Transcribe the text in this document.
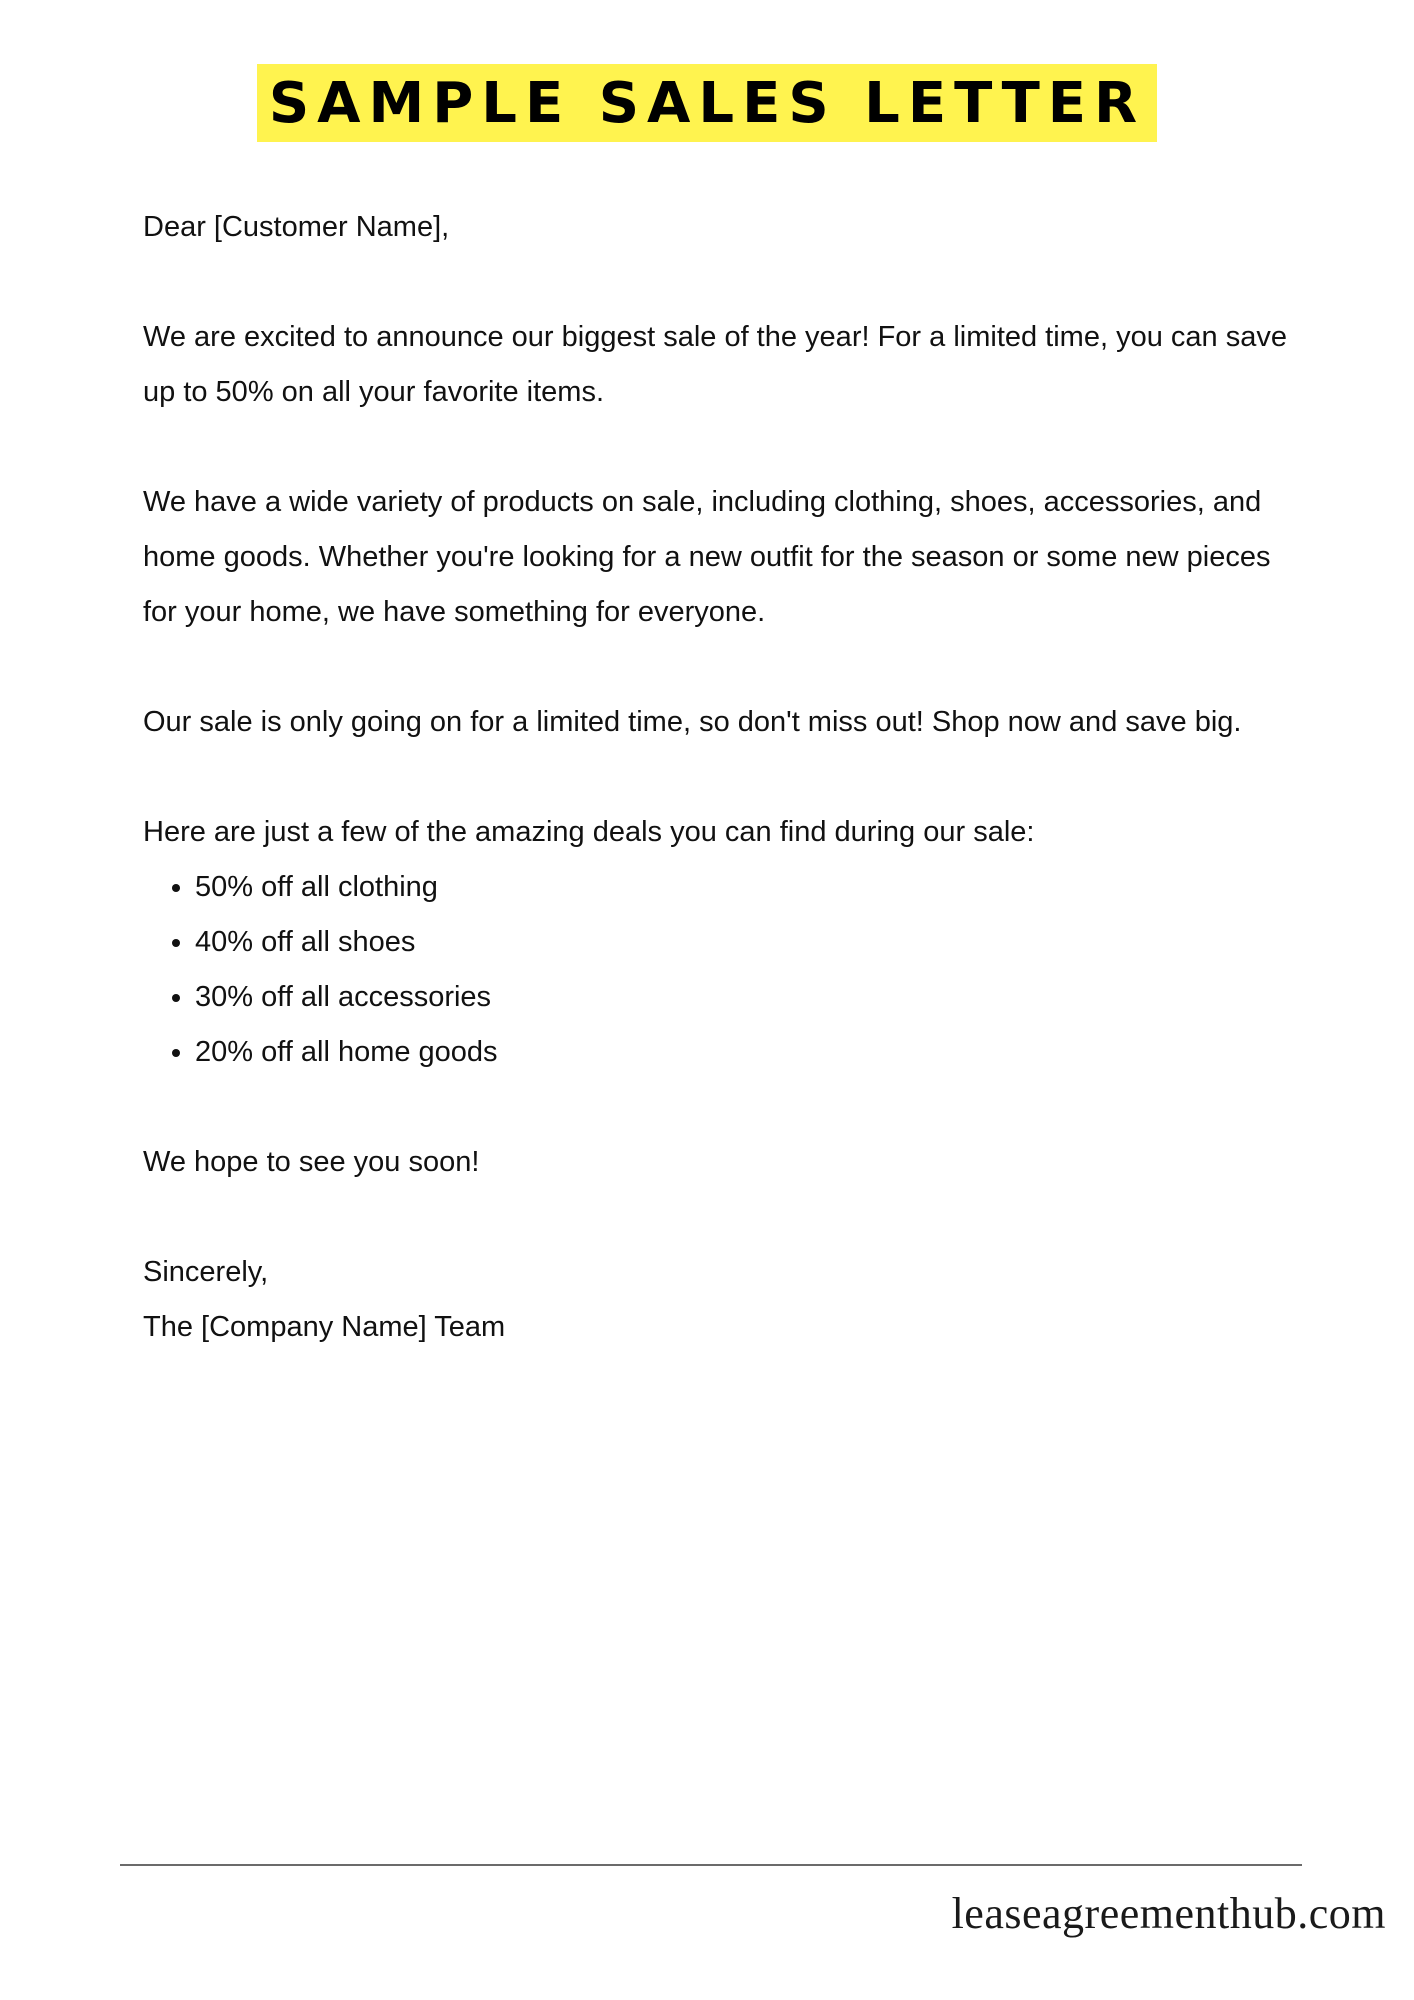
SAMPLE SALES LETTER

Dear [Customer Name],

We are excited to announce our biggest sale of the year! For a limited time, you can save up to 50% on all your favorite items.

We have a wide variety of products on sale, including clothing, shoes, accessories, and home goods. Whether you're looking for a new outfit for the season or some new pieces for your home, we have something for everyone.

Our sale is only going on for a limited time, so don't miss out! Shop now and save big.

Here are just a few of the amazing deals you can find during our sale:

• 50% off all clothing
• 40% off all shoes
• 30% off all accessories
• 20% off all home goods

We hope to see you soon!

Sincerely,

The [Company Name] Team

leaseagreementhub.com
